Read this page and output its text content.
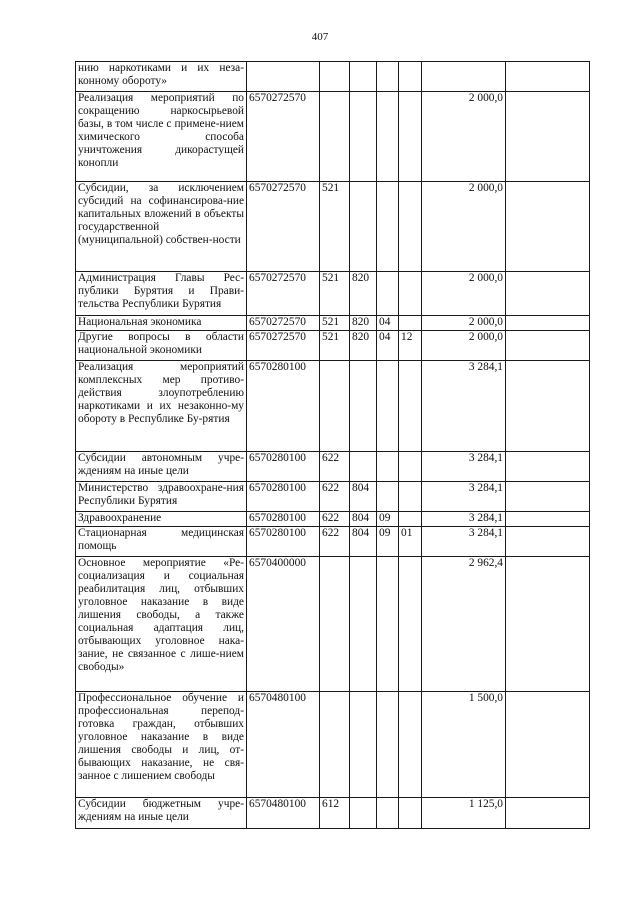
407
нию наркотиками и их неза-конному обороту»							
Реализация мероприятий по сокращению наркосырьевой базы, в том числе с примене-нием химического способа уничтожения дикорастущей конопли	6570272570					2 000,0	
Субсидии, за исключением субсидий на софинансирова-ние капитальных вложений в объекты государственной (муниципальной) собствен-ности	6570272570	521				2 000,0	
Администрация Главы Рес-публики Бурятия и Прави-тельства Республики Бурятия	6570272570	521	820			2 000,0	
Национальная экономика	6570272570	521	820	04		2 000,0	
Другие вопросы в области национальной экономики	6570272570	521	820	04	12	2 000,0	
Реализация мероприятий комплексных мер противо-действия злоупотреблению наркотиками и их незаконно-му обороту в Республике Бу-рятия	6570280100					3 284,1	
Субсидии автономным учре-ждениям на иные цели	6570280100	622				3 284,1	
Министерство здравоохране-ния Республики Бурятия	6570280100	622	804			3 284,1	
Здравоохранение	6570280100	622	804	09		3 284,1	
Стационарная медицинская помощь	6570280100	622	804	09	01	3 284,1	
Основное мероприятие «Ре-социализация и социальная реабилитация лиц, отбывших уголовное наказание в виде лишения свободы, а также социальная адаптация лиц, отбывающих уголовное нака-зание, не связанное с лише-нием свободы»	6570400000					2 962,4	
Профессиональное обучение и профессиональная перепод-готовка граждан, отбывших уголовное наказание в виде лишения свободы и лиц, от-бывающих наказание, не свя-занное с лишением свободы	6570480100					1 500,0	
Субсидии бюджетным учре-ждениям на иные цели	6570480100	612				1 125,0	
